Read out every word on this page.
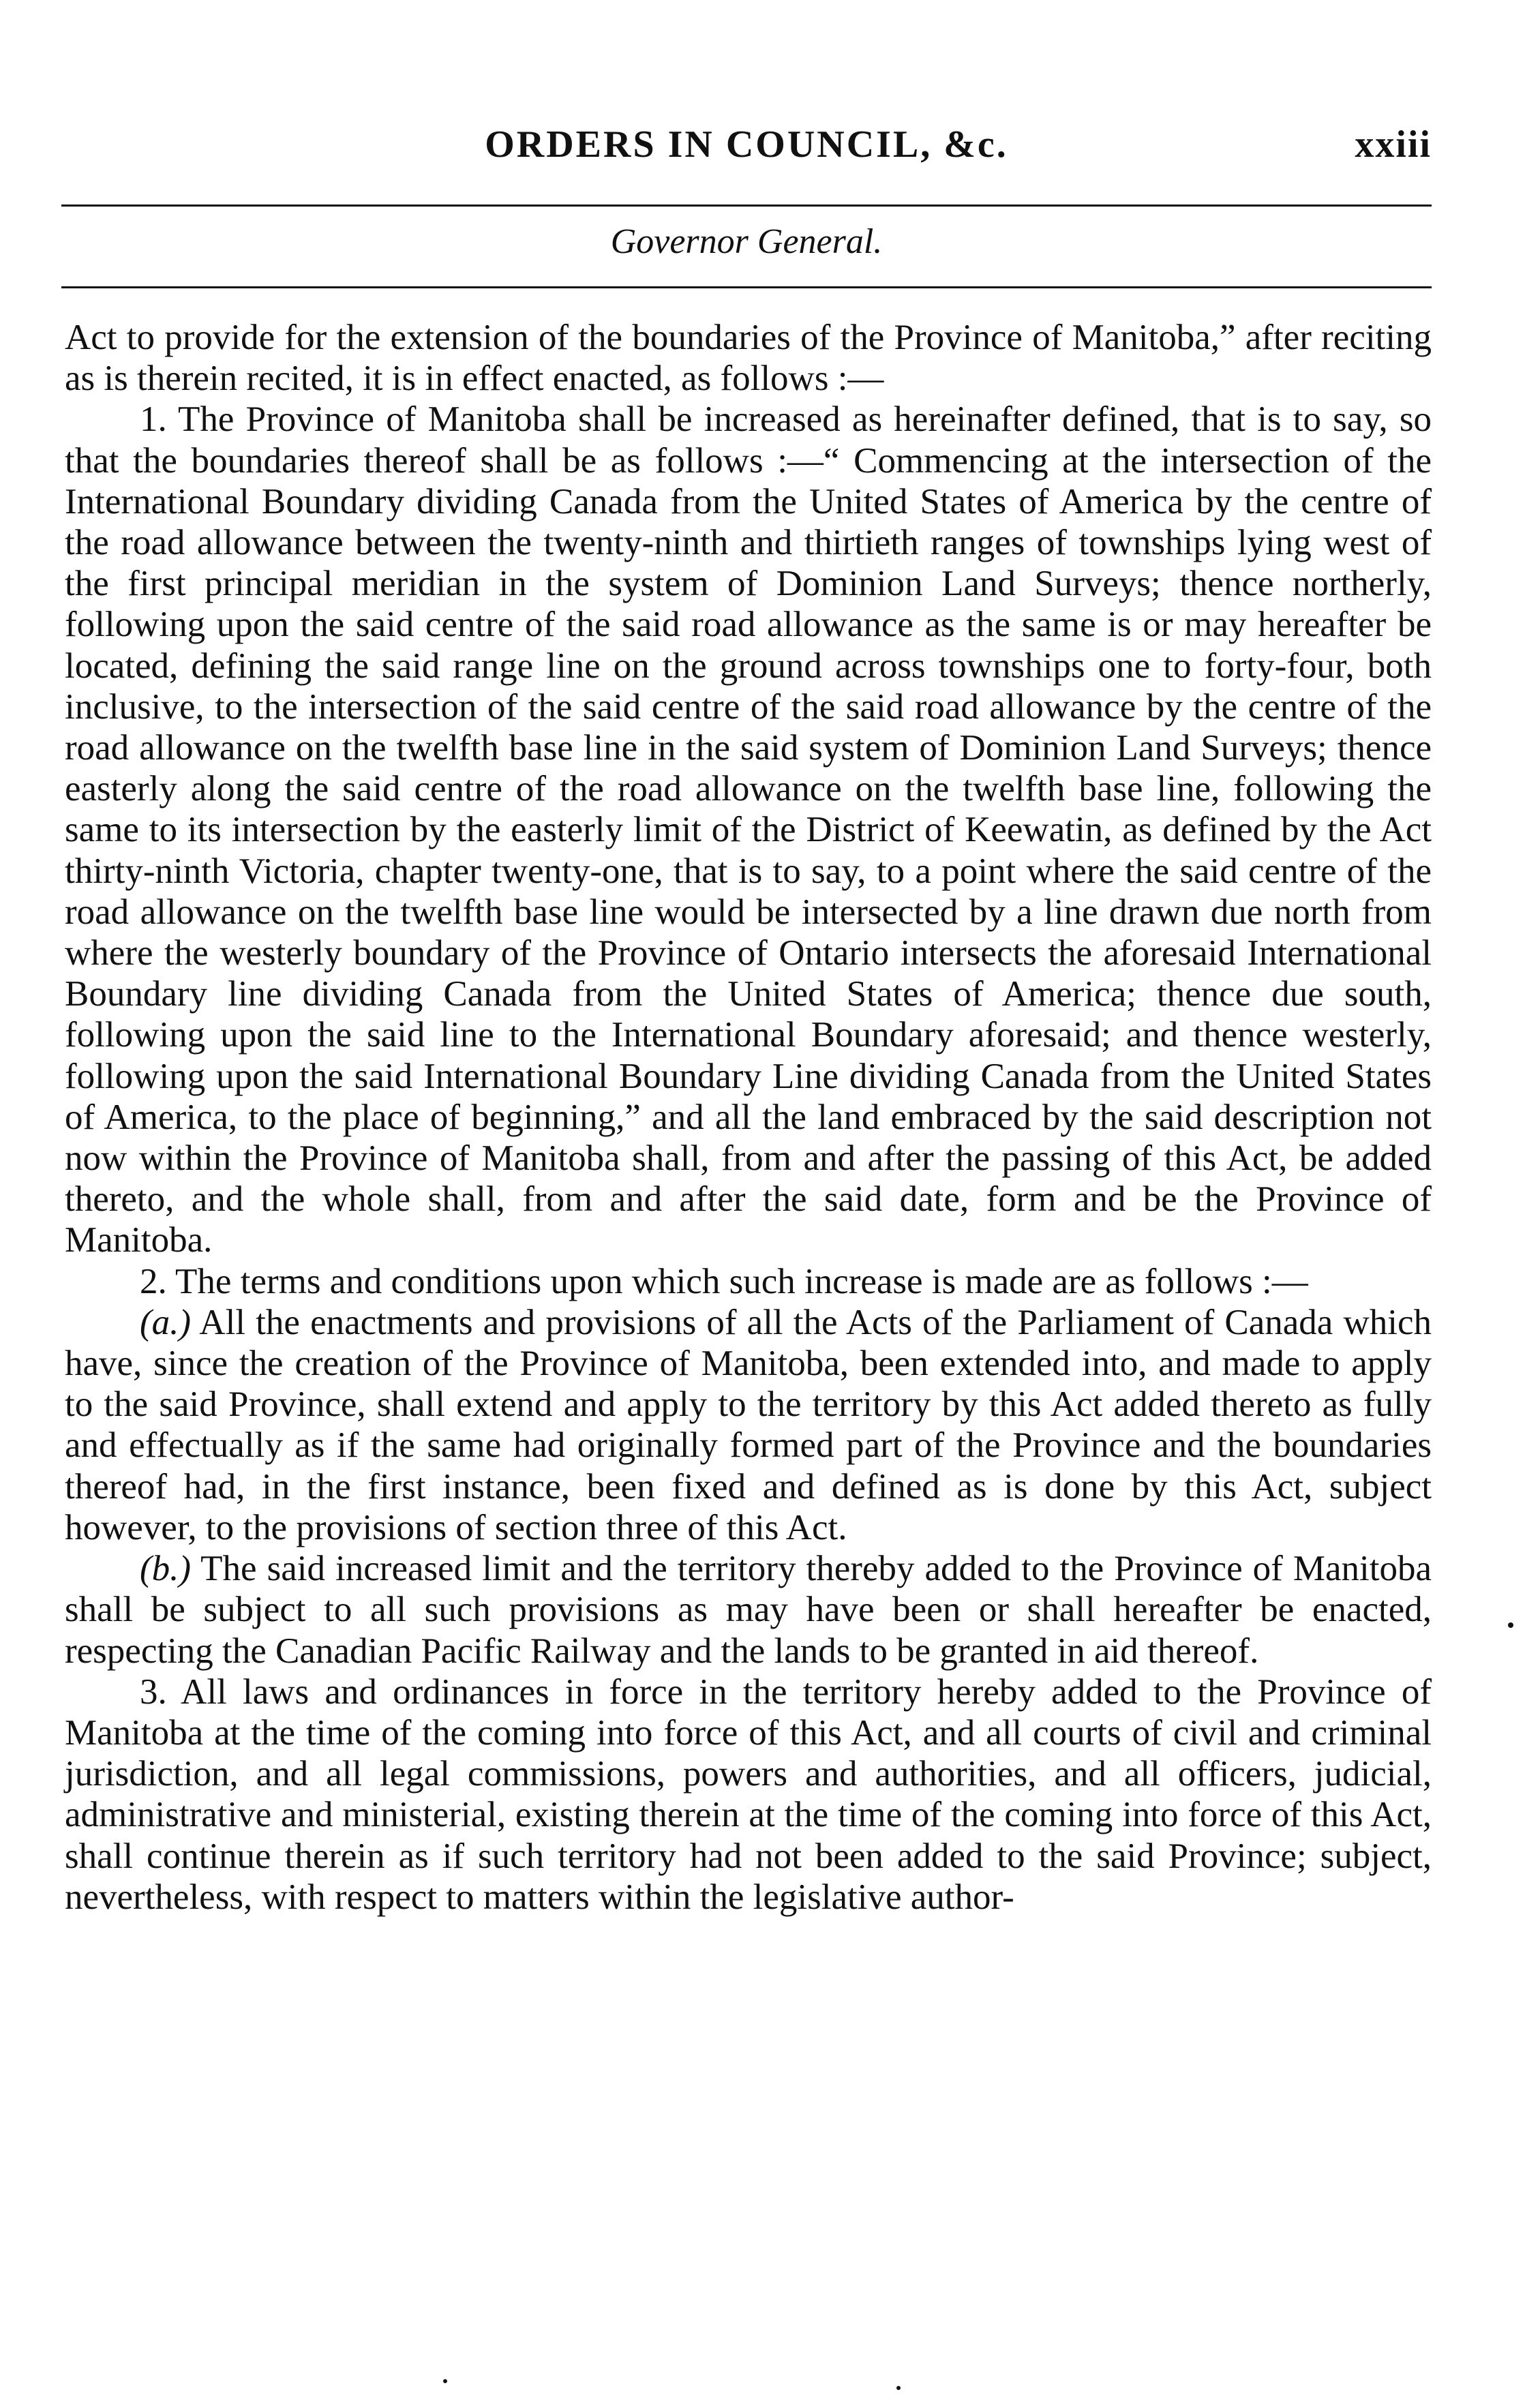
ORDERS IN COUNCIL, &c.	xxiii
Governor General.

Act to provide for the extension of the boundaries of the Province of Manitoba,” after reciting as is therein recited, it is in effect enacted, as follows :—

1. The Province of Manitoba shall be increased as hereinafter defined, that is to say, so that the boundaries thereof shall be as follows :—“ Commencing at the intersection of the International Boundary dividing Canada from the United States of America by the centre of the road allowance between the twenty-ninth and thirtieth ranges of townships lying west of the first principal meridian in the system of Dominion Land Surveys; thence northerly, following upon the said centre of the said road allowance as the same is or may hereafter be located, defining the said range line on the ground across townships one to forty-four, both inclusive, to the intersection of the said centre of the said road allowance by the centre of the road allowance on the twelfth base line in the said system of Dominion Land Surveys; thence easterly along the said centre of the road allowance on the twelfth base line, following the same to its intersection by the easterly limit of the District of Keewatin, as defined by the Act thirty-ninth Victoria, chapter twenty-one, that is to say, to a point where the said centre of the road allowance on the twelfth base line would be intersected by a line drawn due north from where the westerly boundary of the Province of Ontario intersects the aforesaid International Boundary line dividing Canada from the United States of America; thence due south, following upon the said line to the International Boundary aforesaid; and thence westerly, following upon the said International Boundary Line dividing Canada from the United States of America, to the place of beginning,” and all the land embraced by the said description not now within the Province of Manitoba shall, from and after the passing of this Act, be added thereto, and the whole shall, from and after the said date, form and be the Province of Manitoba.

2. The terms and conditions upon which such increase is made are as follows :—

(a.) All the enactments and provisions of all the Acts of the Parliament of Canada which have, since the creation of the Province of Manitoba, been extended into, and made to apply to the said Province, shall extend and apply to the territory by this Act added thereto as fully and effectually as if the same had originally formed part of the Province and the boundaries thereof had, in the first instance, been fixed and defined as is done by this Act, subject however, to the provisions of section three of this Act.

(b.) The said increased limit and the territory thereby added to the Province of Manitoba shall be subject to all such provisions as may have been or shall hereafter be enacted, respecting the Canadian Pacific Railway and the lands to be granted in aid thereof.

3. All laws and ordinances in force in the territory hereby added to the Province of Manitoba at the time of the coming into force of this Act, and all courts of civil and criminal jurisdiction, and all legal commissions, powers and authorities, and all officers, judicial, administrative and ministerial, existing therein at the time of the coming into force of this Act, shall continue therein as if such territory had not been added to the said Province; subject, nevertheless, with respect to matters within the legislative author-
